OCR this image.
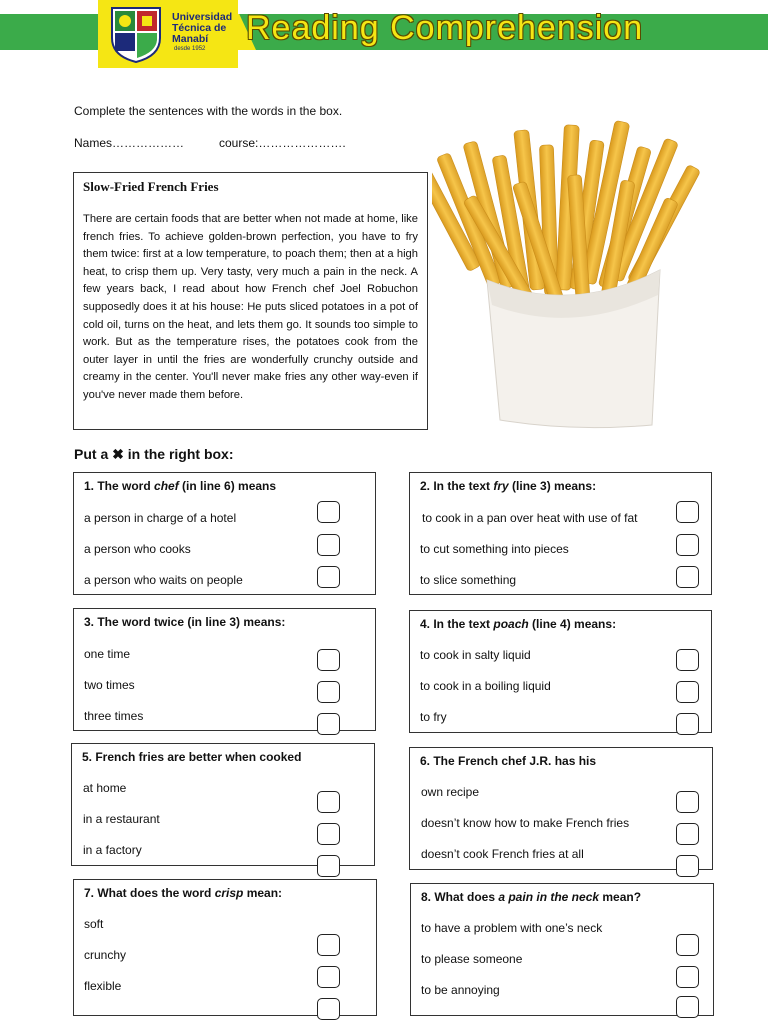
Universidad
Técnica de
Manabí
desde 1952
Reading Comprehension
Complete the sentences with the words in the box.
Names………………	course:………………….
Slow-Fried French Fries
There are certain foods that are better when not made at home, like french fries. To achieve golden-brown perfection, you have to fry them twice: first at a low temperature, to poach them; then at a high heat, to crisp them up. Very tasty, very much a pain in the neck. A few years back, I read about how French chef Joel Robuchon supposedly does it at his house: He puts sliced potatoes in a pot of cold oil, turns on the heat, and lets them go. It sounds too simple to work. But as the temperature rises, the potatoes cook from the outer layer in until the fries are wonderfully crunchy outside and creamy in the center. You'll never make fries any other way-even if you've never made them before.
Put a ✖ in the right box:
1. The word chef (in line 6) means
a person in charge of a hotel
a person who cooks
a person who waits on people
2. In the text fry (line 3) means:
to cook in a pan over heat with use of fat
to cut something into pieces
to slice something
3. The word twice (in line 3) means:
one time
two times
three times
4. In the text poach (line 4) means:
to cook in salty liquid
to cook in a boiling liquid
to fry
5. French fries are better when cooked
at home
in a restaurant
in a factory
6. The French chef J.R. has his
own recipe
doesn’t know how to make French fries
doesn’t cook French fries at all
7. What does the word crisp mean:
soft
crunchy
flexible
8. What does a pain in the neck mean?
to have a problem with one’s neck
to please someone
to be annoying
